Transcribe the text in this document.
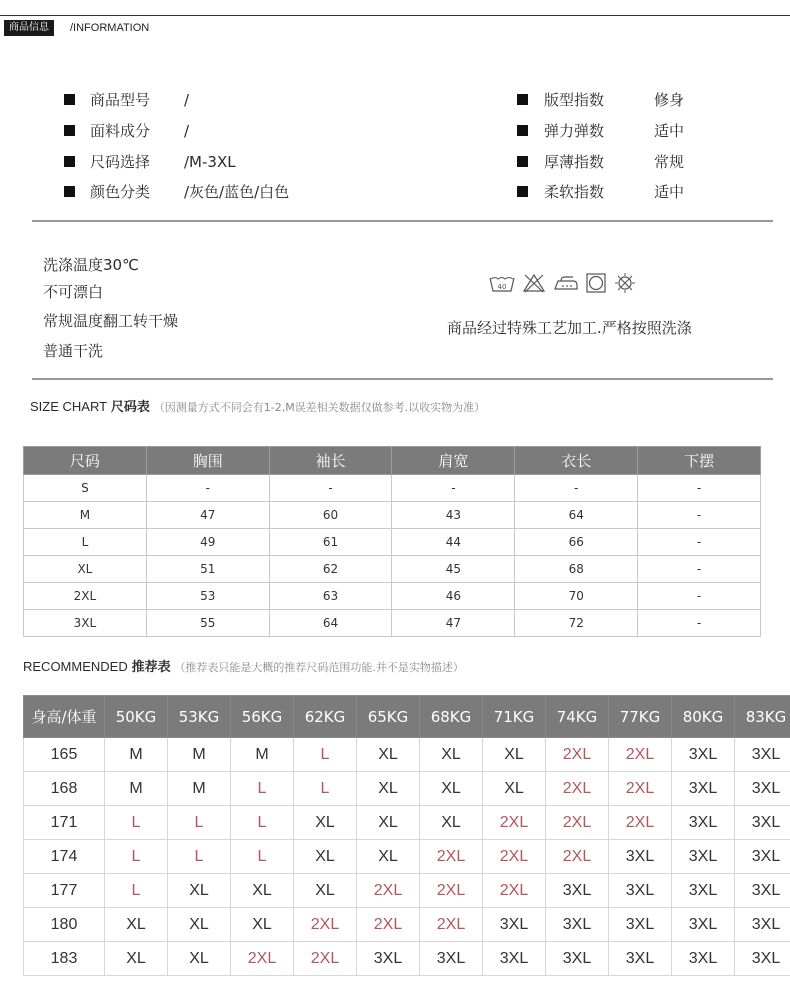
商品信息	/INFORMATION
商品型号 /
面料成分 /
尺码选择 /M-3XL
颜色分类 /灰色/蓝色/白色
版型指数	修身
弹力弹数	适中
厚薄指数	常规
柔软指数	适中
洗涤温度30℃
不可漂白
常规温度翻工转干燥
普通干洗
40
商品经过特殊工艺加工.严格按照洗涤
SIZE CHART 尺码表 （因测量方式不同会有1-2,M误差相关数据仅做参考.以收实物为准）
尺码	胸围	袖长	肩宽	衣长	下摆
S	-	-	-	-	-
M	47	60	43	64	-
L	49	61	44	66	-
XL	51	62	45	68	-
2XL	53	63	46	70	-
3XL	55	64	47	72	-
RECOMMENDED 推荐表 （推荐表只能是大概的推荐尺码范围功能.并不是实物描述）
身高/体重	50KG	53KG	56KG	62KG	65KG	68KG	71KG	74KG	77KG	80KG	83KG
165	M	M	M	L	XL	XL	XL	2XL	2XL	3XL	3XL
168	M	M	L	L	XL	XL	XL	2XL	2XL	3XL	3XL
171	L	L	L	XL	XL	XL	2XL	2XL	2XL	3XL	3XL
174	L	L	L	XL	XL	2XL	2XL	2XL	3XL	3XL	3XL
177	L	XL	XL	XL	2XL	2XL	2XL	3XL	3XL	3XL	3XL
180	XL	XL	XL	2XL	2XL	2XL	3XL	3XL	3XL	3XL	3XL
183	XL	XL	2XL	2XL	3XL	3XL	3XL	3XL	3XL	3XL	3XL
